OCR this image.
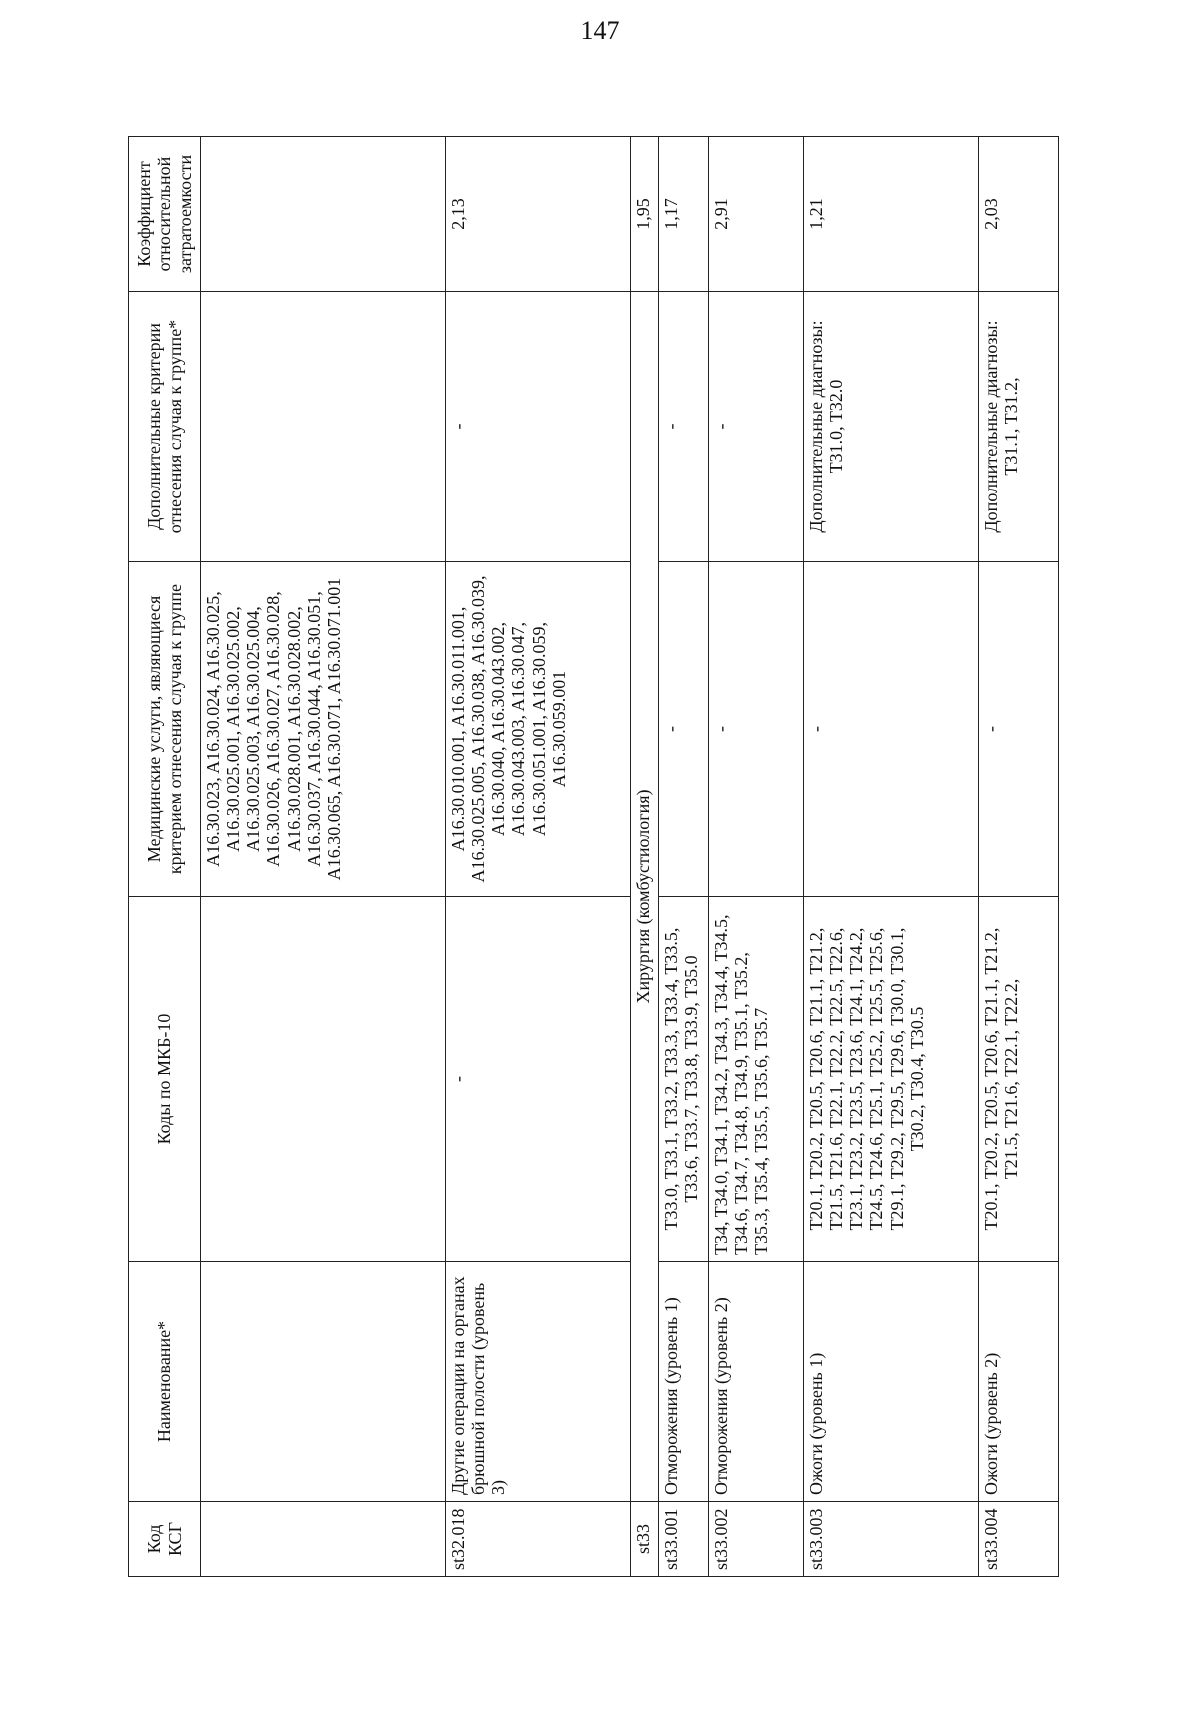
147
Код КСГ	Наименование*	Коды по МКБ-10	Медицинские услуги, являющиеся критерием отнесения случая к группе	Дополнительные критерии отнесения случая к группе*	Коэффициент относительной затратоемкости
			A16.30.023, A16.30.024, A16.30.025, A16.30.025.001, A16.30.025.002, A16.30.025.003, A16.30.025.004, A16.30.026, A16.30.027, A16.30.028, A16.30.028.001, A16.30.028.002, A16.30.037, A16.30.044, A16.30.051, A16.30.065, A16.30.071, A16.30.071.001		
st32.018	Другие операции на органах брюшной полости (уровень 3)	-	A16.30.010.001, A16.30.011.001, A16.30.025.005, A16.30.038, A16.30.039, A16.30.040, A16.30.043.002, A16.30.043.003, A16.30.047, A16.30.051.001, A16.30.059, A16.30.059.001	-	2,13
st33	Хирургия (комбустиология)				1,95
st33.001	Отморожения (уровень 1)	T33.0, T33.1, T33.2, T33.3, T33.4, T33.5, T33.6, T33.7, T33.8, T33.9, T35.0	-	-	1,17
st33.002	Отморожения (уровень 2)	T34, T34.0, T34.1, T34.2, T34.3, T34.4, T34.5, T34.6, T34.7, T34.8, T34.9, T35.1, T35.2, T35.3, T35.4, T35.5, T35.6, T35.7	-	-	2,91
st33.003	Ожоги (уровень 1)	T20.1, T20.2, T20.5, T20.6, T21.1, T21.2, T21.5, T21.6, T22.1, T22.2, T22.5, T22.6, T23.1, T23.2, T23.5, T23.6, T24.1, T24.2, T24.5, T24.6, T25.1, T25.2, T25.5, T25.6, T29.1, T29.2, T29.5, T29.6, T30.0, T30.1, T30.2, T30.4, T30.5	-	Дополнительные диагнозы: T31.0, T32.0	1,21
st33.004	Ожоги (уровень 2)	T20.1, T20.2, T20.5, T20.6, T21.1, T21.2, T21.5, T21.6, T22.1, T22.2,	-	Дополнительные диагнозы: T31.1, T31.2,	2,03
